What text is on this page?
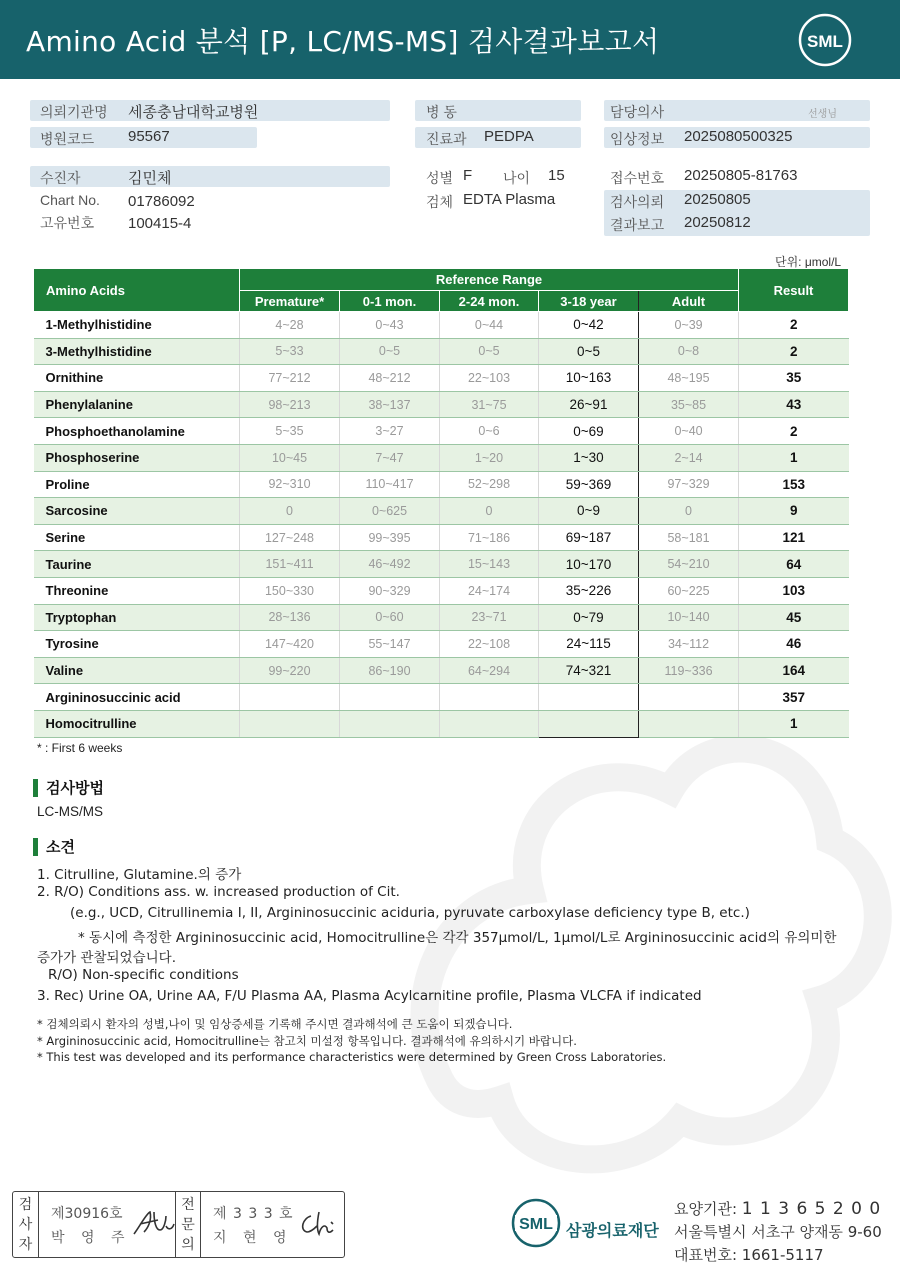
Amino Acid 분석 [P, LC/MS-MS] 검사결과보고서	SML
의뢰기관명 세종충남대학교병원
병원코드 95567
수진자	김민체
Chart No. 01786092
고유번호 100415-4
병 동
진료과 PEDPA
성별 F 나이 15
검체 EDTA Plasma
담당의사	선생님
임상정보 2025080500325
접수번호 20250805-81763
검사의뢰 20250805
결과보고 20250812
단위: μmol/L
Amino Acids	Reference Range					Result
	Premature*	0-1 mon.	2-24 mon.	3-18 year	Adult	
1-Methylhistidine	4~28	0~43	0~44	0~42	0~39	2
3-Methylhistidine	5~33	0~5	0~5	0~5	0~8	2
Ornithine	77~212	48~212	22~103	10~163	48~195	35
Phenylalanine	98~213	38~137	31~75	26~91	35~85	43
Phosphoethanolamine	5~35	3~27	0~6	0~69	0~40	2
Phosphoserine	10~45	7~47	1~20	1~30	2~14	1
Proline	92~310	110~417	52~298	59~369	97~329	153
Sarcosine	0	0~625	0	0~9	0	9
Serine	127~248	99~395	71~186	69~187	58~181	121
Taurine	151~411	46~492	15~143	10~170	54~210	64
Threonine	150~330	90~329	24~174	35~226	60~225	103
Tryptophan	28~136	0~60	23~71	0~79	10~140	45
Tyrosine	147~420	55~147	22~108	24~115	34~112	46
Valine	99~220	86~190	64~294	74~321	119~336	164
Argininosuccinic acid						357
Homocitrulline						1
* : First 6 weeks
검사방법
LC-MS/MS
소견
1. Citrulline, Glutamine.의 증가
2. R/O) Conditions ass. w. increased production of Cit.
(e.g., UCD, Citrullinemia I, II, Argininosuccinic aciduria, pyruvate carboxylase deficiency type B, etc.)
* 동시에 측정한 Argininosuccinic acid, Homocitrulline은 각각 357μmol/L, 1μmol/L로 Argininosuccinic acid의 유의미한
증가가 관찰되었습니다.
R/O) Non-specific conditions
3. Rec) Urine OA, Urine AA, F/U Plasma AA, Plasma Acylcarnitine profile, Plasma VLCFA if indicated
* 검체의뢰시 환자의 성별,나이 및 임상증세를 기록해 주시면 결과해석에 큰 도움이 되겠습니다.
* Argininosuccinic acid, Homocitrulline는 참고치 미설정 항목입니다. 결과해석에 유의하시기 바랍니다.
* This test was developed and its performance characteristics were determined by Green Cross Laboratories.
검
사
자
제30916호
박 영 주
전
문
의
제 3 3 3 호
지 현 영
SML 삼광의료재단
요양기관: 1 1 3 6 5 2 0 0
서울특별시 서초구 양재동 9-60
대표번호: 1661-5117
